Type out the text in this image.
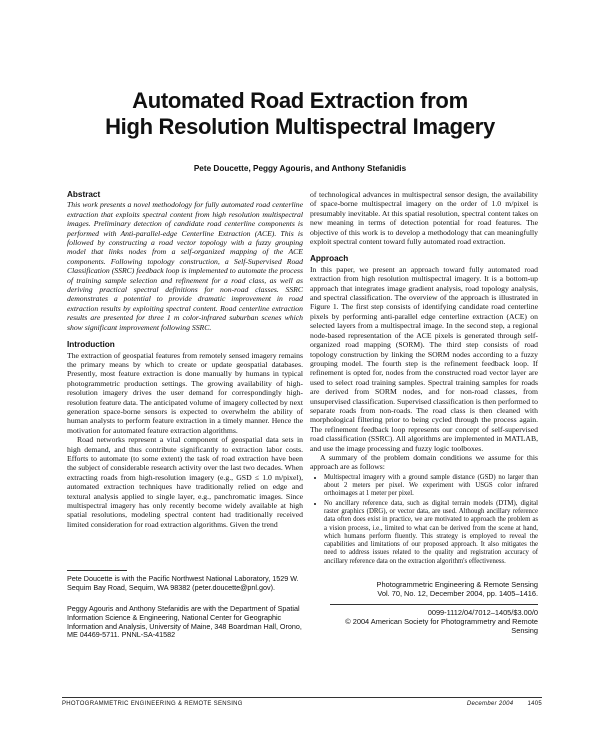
Automated Road Extraction from
High Resolution Multispectral Imagery
Pete Doucette, Peggy Agouris, and Anthony Stefanidis
Abstract

This work presents a novel methodology for fully automated road centerline extraction that exploits spectral content from high resolution multispectral images. Preliminary detection of candidate road centerline components is performed with Anti-parallel-edge Centerline Extraction (ACE). This is followed by constructing a road vector topology with a fuzzy grouping model that links nodes from a self-organized mapping of the ACE components. Following topology construction, a Self-Supervised Road Classification (SSRC) feedback loop is implemented to automate the process of training sample selection and refinement for a road class, as well as deriving practical spectral definitions for non-road classes. SSRC demonstrates a potential to provide dramatic improvement in road extraction results by exploiting spectral content. Road centerline extraction results are presented for three 1 m color-infrared suburban scenes which show significant improvement following SSRC.

Introduction

The extraction of geospatial features from remotely sensed imagery remains the primary means by which to create or update geospatial databases. Presently, most feature extraction is done manually by humans in typical photogrammetric production settings. The growing availability of high-resolution imagery drives the user demand for correspondingly high-resolution feature data. The anticipated volume of imagery collected by next generation space-borne sensors is expected to overwhelm the ability of human analysts to perform feature extraction in a timely manner. Hence the motivation for automated feature extraction algorithms.

Road networks represent a vital component of geospatial data sets in high demand, and thus contribute significantly to extraction labor costs. Efforts to automate (to some extent) the task of road extraction have been the subject of considerable research activity over the last two decades. When extracting roads from high-resolution imagery (e.g., GSD ≤ 1.0 m/pixel), automated extraction techniques have traditionally relied on edge and textural analysis applied to single layer, e.g., panchromatic images. Since multispectral imagery has only recently become widely available at high spatial resolutions, modeling spectral content had traditionally received limited consideration for road extraction algorithms. Given the trend

Pete Doucette is with the Pacific Northwest National Laboratory, 1529 W. Sequim Bay Road, Sequim, WA 98382 (peter.doucette@pnl.gov).
Peggy Agouris and Anthony Stefanidis are with the Department of Spatial Information Science & Engineering, National Center for Geographic Information and Analysis, University of Maine, 348 Boardman Hall, Orono, ME 04469-5711. PNNL-SA-41582

of technological advances in multispectral sensor design, the availability of space-borne multispectral imagery on the order of 1.0 m/pixel is presumably inevitable. At this spatial resolution, spectral content takes on new meaning in terms of detection potential for road features. The objective of this work is to develop a methodology that can meaningfully exploit spectral content toward fully automated road extraction.

Approach

In this paper, we present an approach toward fully automated road extraction from high resolution multispectral imagery. It is a bottom-up approach that integrates image gradient analysis, road topology analysis, and spectral classification. The overview of the approach is illustrated in Figure 1. The first step consists of identifying candidate road centerline pixels by performing anti-parallel edge centerline extraction (ACE) on selected layers from a multispectral image. In the second step, a regional node-based representation of the ACE pixels is generated through self-organized road mapping (SORM). The third step consists of road topology construction by linking the SORM nodes according to a fuzzy grouping model. The fourth step is the refinement feedback loop. If refinement is opted for, nodes from the constructed road vector layer are used to select road training samples. Spectral training samples for roads are derived from SORM nodes, and for non-road classes, from unsupervised classification. Supervised classification is then performed to separate roads from non-roads. The road class is then cleaned with morphological filtering prior to being cycled through the process again. The refinement feedback loop represents our concept of self-supervised road classification (SSRC). All algorithms are implemented in MATLAB, and use the image processing and fuzzy logic toolboxes.

A summary of the problem domain conditions we assume for this approach are as follows:

• Multispectral imagery with a ground sample distance (GSD) no larger than about 2 meters per pixel. We experiment with USGS color infrared orthoimages at 1 meter per pixel.
• No ancillary reference data, such as digital terrain models (DTM), digital raster graphics (DRG), or vector data, are used. Although ancillary reference data often does exist in practice, we are motivated to approach the problem as a vision process, i.e., limited to what can be derived from the scene at hand, which humans perform fluently. This strategy is employed to reveal the capabilities and limitations of our proposed approach. It also mitigates the need to address issues related to the quality and registration accuracy of ancillary reference data on the extraction algorithm's effectiveness.
Photogrammetric Engineering & Remote Sensing
Vol. 70, No. 12, December 2004, pp. 1405–1416.
0099-1112/04/7012–1405/$3.00/0
© 2004 American Society for Photogrammetry and Remote Sensing
PHOTOGRAMMETRIC ENGINEERING & REMOTE SENSING	December 2004 1405
